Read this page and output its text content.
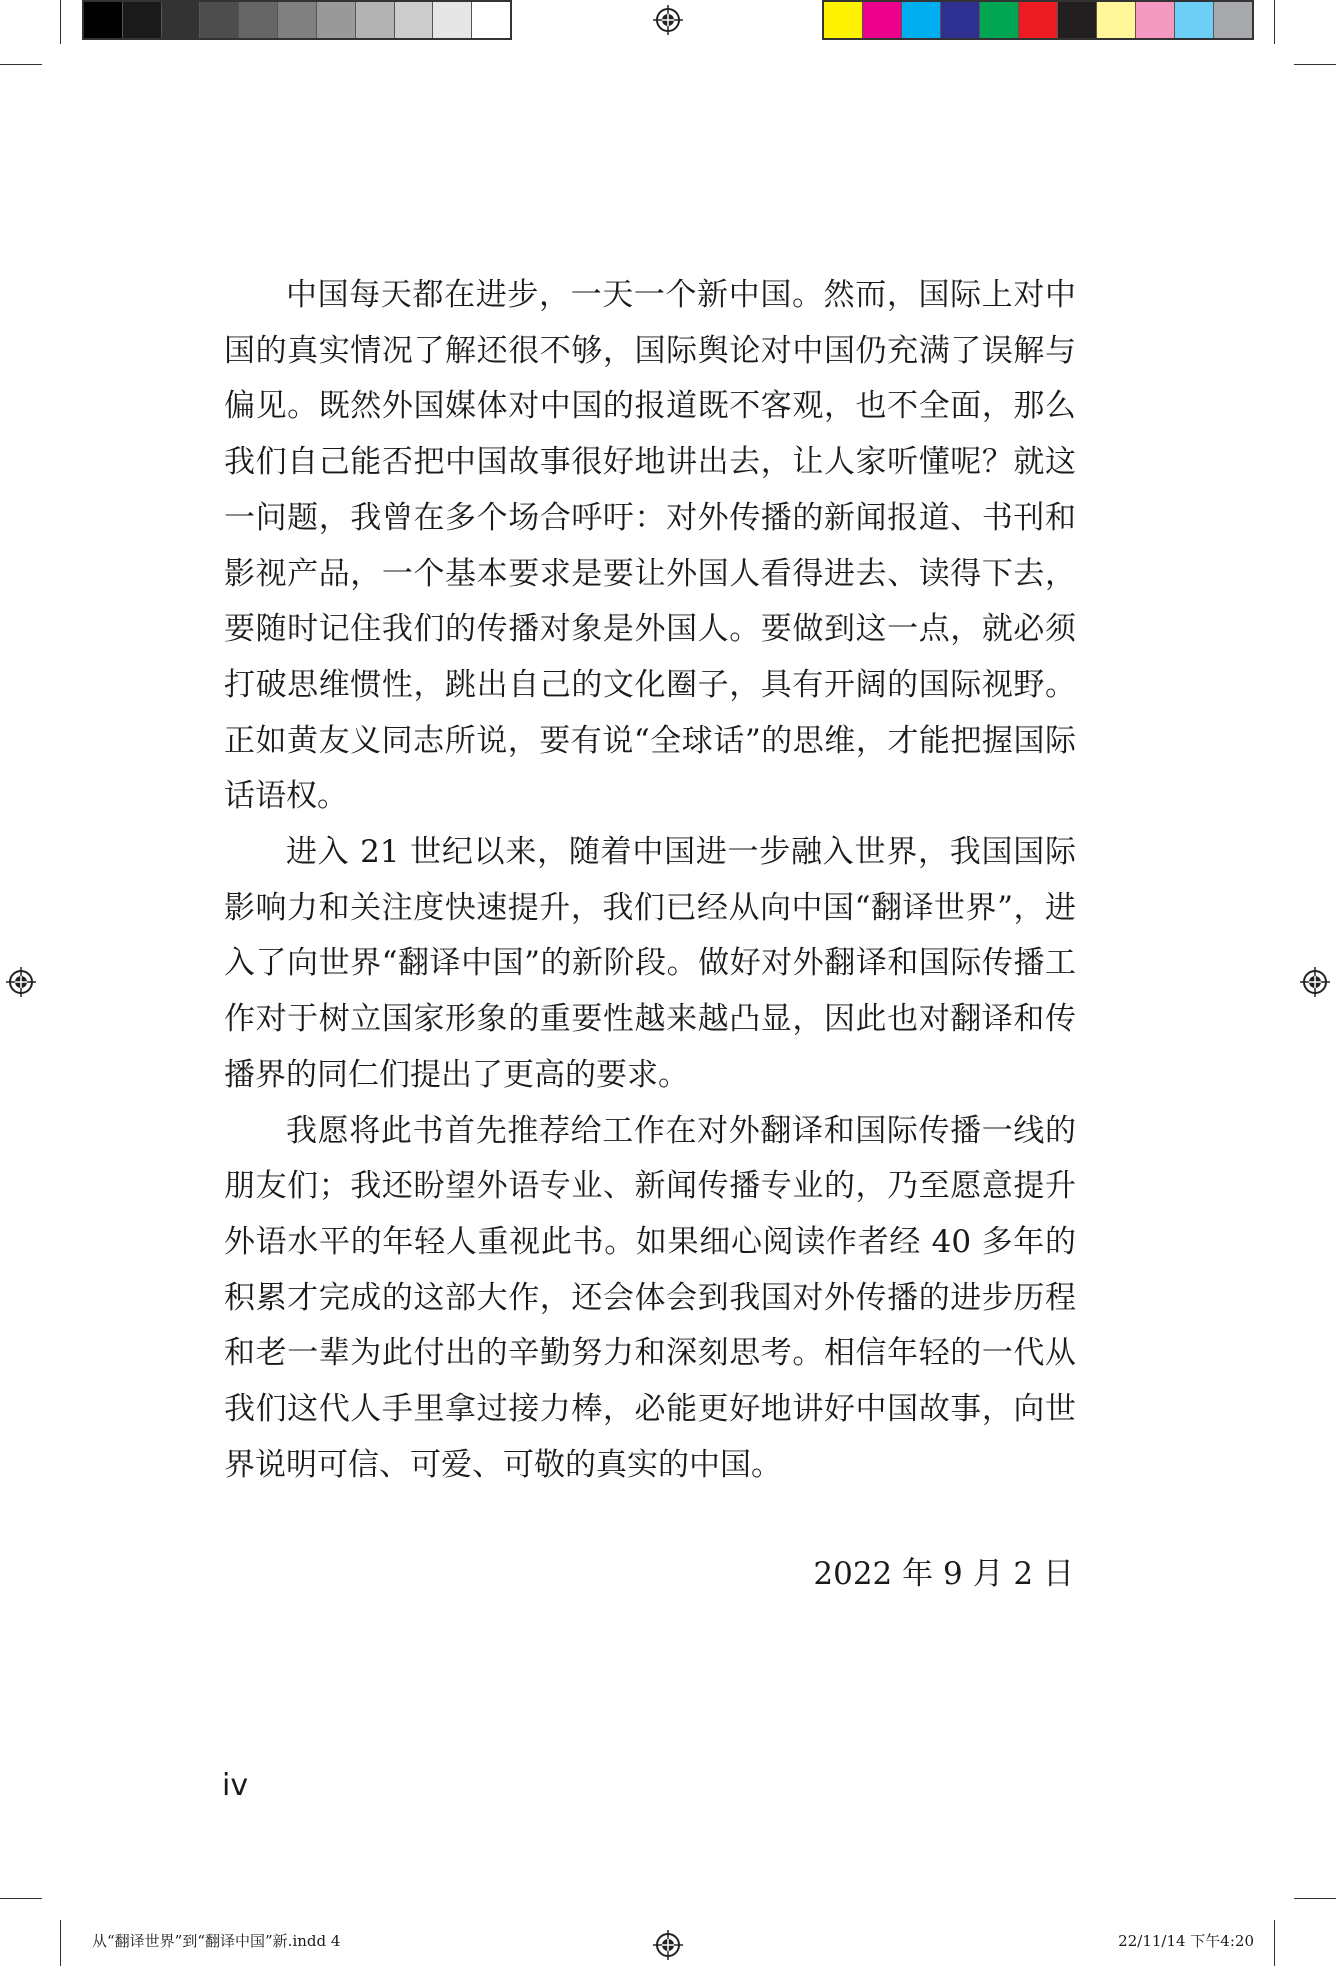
中国每天都在进步，一天一个新中国。然而，国际上对中国的真实情况了解还很不够，国际舆论对中国仍充满了误解与偏见。既然外国媒体对中国的报道既不客观，也不全面，那么我们自己能否把中国故事很好地讲出去，让人家听懂呢？就这一问题，我曾在多个场合呼吁：对外传播的新闻报道、书刊和影视产品，一个基本要求是要让外国人看得进去、读得下去，要随时记住我们的传播对象是外国人。要做到这一点，就必须打破思维惯性，跳出自己的文化圈子，具有开阔的国际视野。正如黄友义同志所说，要有说“全球话”的思维，才能把握国际话语权。

进入 21 世纪以来，随着中国进一步融入世界，我国国际影响力和关注度快速提升，我们已经从向中国“翻译世界”，进入了向世界“翻译中国”的新阶段。做好对外翻译和国际传播工作对于树立国家形象的重要性越来越凸显，因此也对翻译和传播界的同仁们提出了更高的要求。

我愿将此书首先推荐给工作在对外翻译和国际传播一线的朋友们；我还盼望外语专业、新闻传播专业的，乃至愿意提升外语水平的年轻人重视此书。如果细心阅读作者经 40 多年的积累才完成的这部大作，还会体会到我国对外传播的进步历程和老一辈为此付出的辛勤努力和深刻思考。相信年轻的一代从我们这代人手里拿过接力棒，必能更好地讲好中国故事，向世界说明可信、可爱、可敬的真实的中国。

2022 年 9 月 2 日
iv
从“翻译世界”到“翻译中国”新.indd 4	22/11/14 下午4:20
